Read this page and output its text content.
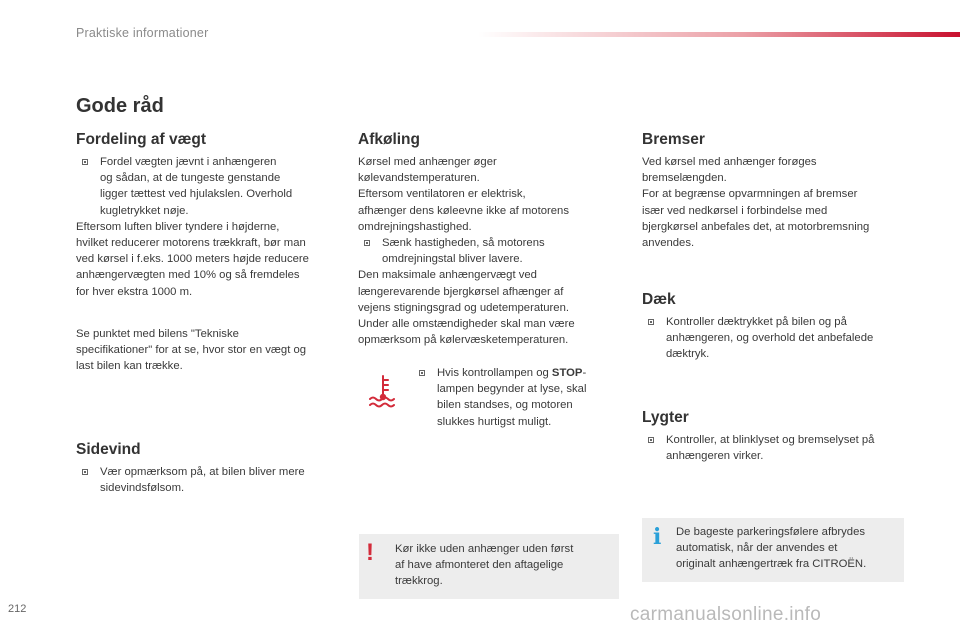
Praktiske informationer
Gode råd
Fordeling af vægt
Fordel vægten jævnt i anhængeren
og sådan, at de tungeste genstande
ligger tættest ved hjulakslen. Overhold
kugletrykket nøje.
Eftersom luften bliver tyndere i højderne,
hvilket reducerer motorens trækkraft, bør man
ved kørsel i f.eks. 1000 meters højde reducere
anhængervægten med 10% og så fremdeles
for hver ekstra 1000 m.
Se punktet med bilens "Tekniske
specifikationer" for at se, hvor stor en vægt og
last bilen kan trække.
Sidevind
Vær opmærksom på, at bilen bliver mere
sidevindsfølsom.
Afkøling
Kørsel med anhænger øger
kølevandstemperaturen.
Eftersom ventilatoren er elektrisk,
afhænger dens køleevne ikke af motorens
omdrejningshastighed.
Sænk hastigheden, så motorens
omdrejningstal bliver lavere.
Den maksimale anhængervægt ved
længerevarende bjergkørsel afhænger af
vejens stigningsgrad og udetemperaturen.
Under alle omstændigheder skal man være
opmærksom på kølervæsketemperaturen.
Hvis kontrollampen og STOP-
lampen begynder at lyse, skal
bilen standses, og motoren
slukkes hurtigst muligt.
! Kør ikke uden anhænger uden først
af have afmonteret den aftagelige
trækkrog.
Bremser
Ved kørsel med anhænger forøges
bremselængden.
For at begrænse opvarmningen af bremser
især ved nedkørsel i forbindelse med
bjergkørsel anbefales det, at motorbremsning
anvendes.
Dæk
Kontroller dæktrykket på bilen og på
anhængeren, og overhold det anbefalede
dæktryk.
Lygter
Kontroller, at blinklyset og bremselyset på
anhængeren virker.
i De bageste parkeringsfølere afbrydes
automatisk, når der anvendes et
originalt anhængertræk fra CITROËN.
212	carmanualsonline.info
